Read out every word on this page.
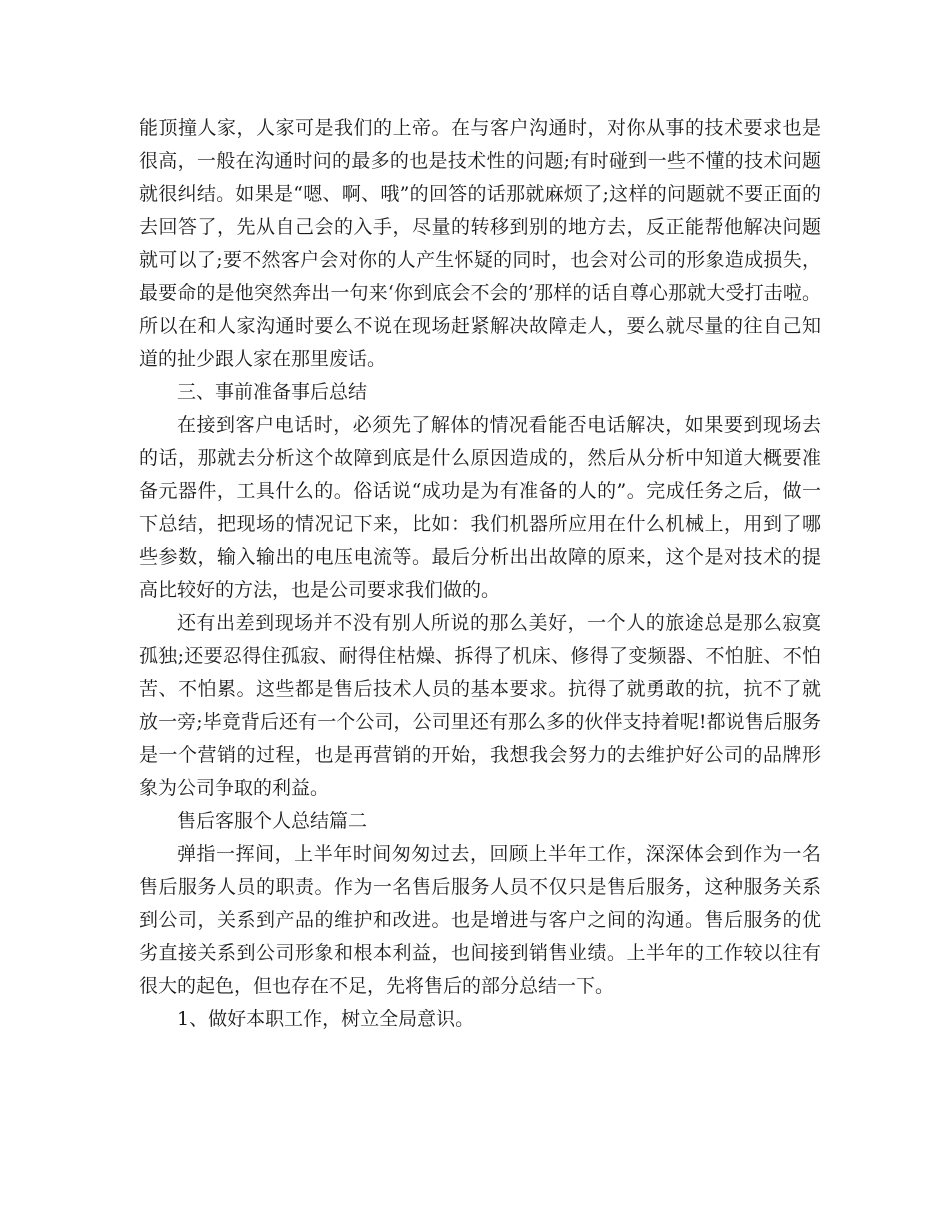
能顶撞人家，人家可是我们的上帝。在与客户沟通时，对你从事的技术要求也是很高，一般在沟通时问的最多的也是技术性的问题;有时碰到一些不懂的技术问题就很纠结。如果是“嗯、啊、哦”的回答的话那就麻烦了;这样的问题就不要正面的去回答了，先从自己会的入手，尽量的转移到别的地方去，反正能帮他解决问题就可以了;要不然客户会对你的人产生怀疑的同时，也会对公司的形象造成损失，最要命的是他突然奔出一句来‘你到底会不会的’那样的话自尊心那就大受打击啦。所以在和人家沟通时要么不说在现场赶紧解决故障走人，要么就尽量的往自己知道的扯少跟人家在那里废话。

三、事前准备事后总结

在接到客户电话时，必须先了解体的情况看能否电话解决，如果要到现场去的话，那就去分析这个故障到底是什么原因造成的，然后从分析中知道大概要准备元器件，工具什么的。俗话说“成功是为有准备的人的”。完成任务之后，做一下总结，把现场的情况记下来，比如：我们机器所应用在什么机械上，用到了哪些参数，输入输出的电压电流等。最后分析出出故障的原来，这个是对技术的提高比较好的方法，也是公司要求我们做的。

还有出差到现场并不没有别人所说的那么美好，一个人的旅途总是那么寂寞孤独;还要忍得住孤寂、耐得住枯燥、拆得了机床、修得了变频器、不怕脏、不怕苦、不怕累。这些都是售后技术人员的基本要求。抗得了就勇敢的抗，抗不了就放一旁;毕竟背后还有一个公司，公司里还有那么多的伙伴支持着呢!都说售后服务是一个营销的过程，也是再营销的开始，我想我会努力的去维护好公司的品牌形象为公司争取的利益。

售后客服个人总结篇二

弹指一挥间，上半年时间匆匆过去，回顾上半年工作，深深体会到作为一名售后服务人员的职责。作为一名售后服务人员不仅只是售后服务，这种服务关系到公司，关系到产品的维护和改进。也是增进与客户之间的沟通。售后服务的优劣直接关系到公司形象和根本利益，也间接到销售业绩。上半年的工作较以往有很大的起色，但也存在不足，先将售后的部分总结一下。

1、做好本职工作，树立全局意识。
